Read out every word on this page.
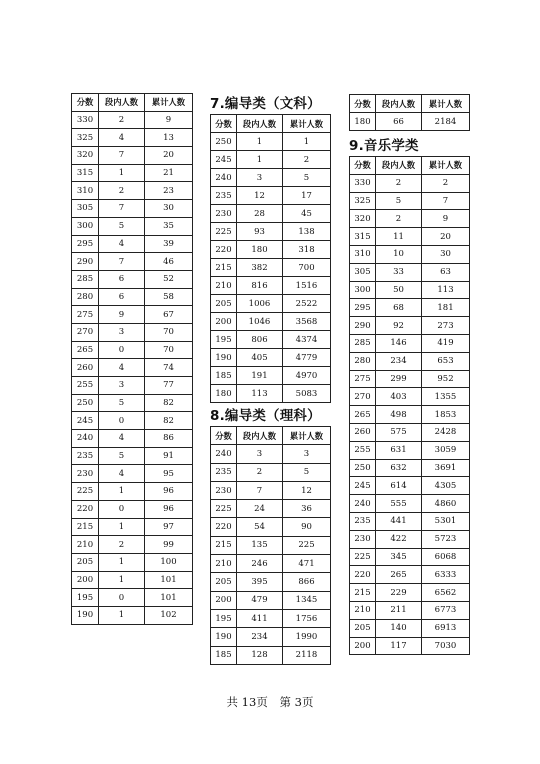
分数	段内人数	累计人数
330	2	9
325	4	13
320	7	20
315	1	21
310	2	23
305	7	30
300	5	35
295	4	39
290	7	46
285	6	52
280	6	58
275	9	67
270	3	70
265	0	70
260	4	74
255	3	77
250	5	82
245	0	82
240	4	86
235	5	91
230	4	95
225	1	96
220	0	96
215	1	97
210	2	99
205	1	100
200	1	101
195	0	101
190	1	102
7.编导类（文科）
分数	段内人数	累计人数
250	1	1
245	1	2
240	3	5
235	12	17
230	28	45
225	93	138
220	180	318
215	382	700
210	816	1516
205	1006	2522
200	1046	3568
195	806	4374
190	405	4779
185	191	4970
180	113	5083
8.编导类（理科）
分数	段内人数	累计人数
240	3	3
235	2	5
230	7	12
225	24	36
220	54	90
215	135	225
210	246	471
205	395	866
200	479	1345
195	411	1756
190	234	1990
185	128	2118
分数	段内人数	累计人数
180	66	2184
9.音乐学类
分数	段内人数	累计人数
330	2	2
325	5	7
320	2	9
315	11	20
310	10	30
305	33	63
300	50	113
295	68	181
290	92	273
285	146	419
280	234	653
275	299	952
270	403	1355
265	498	1853
260	575	2428
255	631	3059
250	632	3691
245	614	4305
240	555	4860
235	441	5301
230	422	5723
225	345	6068
220	265	6333
215	229	6562
210	211	6773
205	140	6913
200	117	7030
共 13页 第 3页
